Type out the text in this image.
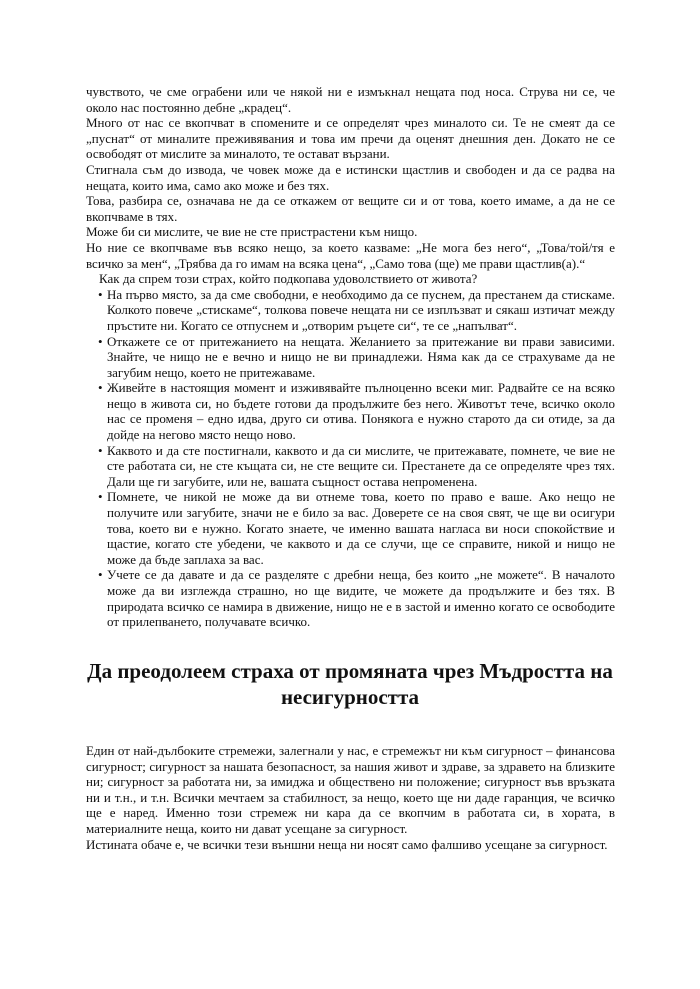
чувството, че сме ограбени или че някой ни е измъкнал нещата под носа. Струва ни се, че около нас постоянно дебне „крадец“.

Много от нас се вкопчват в спомените и се определят чрез миналото си. Те не смеят да се „пуснат“ от миналите преживявания и това им пречи да оценят днешния ден. Докато не се освободят от мислите за миналото, те остават вързани.

Стигнала съм до извода, че човек може да е истински щастлив и свободен и да се радва на нещата, които има, само ако може и без тях.

Това, разбира се, означава не да се откажем от вещите си и от това, което имаме, а да не се вкопчваме в тях.

Може би си мислите, че вие не сте пристрастени към нищо.

Но ние се вкопчваме във всяко нещо, за което казваме: „Не мога без него“, „Това/той/тя е всичко за мен“, „Трябва да го имам на всяка цена“, „Само това (ще) ме прави щастлив(а).“

Как да спрем този страх, който подкопава удоволствието от живота?

• На първо място, за да сме свободни, е необходимо да се пуснем, да престанем да стискаме. Колкото повече „стискаме“, толкова повече нещата ни се изплъзват и сякаш изтичат между пръстите ни. Когато се отпуснем и „отворим ръцете си“, те се „напълват“.
• Откажете се от притежанието на нещата. Желанието за притежание ви прави зависими. Знайте, че нищо не е вечно и нищо не ви принадлежи. Няма как да се страхуваме да не загубим нещо, което не притежаваме.
• Живейте в настоящия момент и изживявайте пълноценно всеки миг. Радвайте се на всяко нещо в живота си, но бъдете готови да продължите без него. Животът тече, всичко около нас се променя – едно идва, друго си отива. Понякога е нужно старото да си отиде, за да дойде на негово място нещо ново.
• Каквото и да сте постигнали, каквото и да си мислите, че притежавате, помнете, че вие не сте работата си, не сте къщата си, не сте вещите си. Престанете да се определяте чрез тях. Дали ще ги загубите, или не, вашата същност остава непроменена.
• Помнете, че никой не може да ви отнеме това, което по право е ваше. Ако нещо не получите или загубите, значи не е било за вас. Доверете се на своя свят, че ще ви осигури това, което ви е нужно. Когато знаете, че именно вашата нагласа ви носи спокойствие и щастие, когато сте убедени, че каквото и да се случи, ще се справите, никой и нищо не може да бъде заплаха за вас.
• Учете се да давате и да се разделяте с дребни неща, без които „не можете“. В началото може да ви изглежда страшно, но ще видите, че можете да продължите и без тях. В природата всичко се намира в движение, нищо не е в застой и именно когато се освободите от прилепването, получавате всичко.
Да преодолеем страха от промяната чрез Мъдростта на
несигурността

Един от най-дълбоките стремежи, залегнали у нас, е стремежът ни към сигурност – финансова сигурност; сигурност за нашата безопасност, за нашия живот и здраве, за здравето на близките ни; сигурност за работата ни, за имиджа и обществено ни положение; сигурност във връзката ни и т.н., и т.н. Всички мечтаем за стабилност, за нещо, което ще ни даде гаранция, че всичко ще е наред. Именно този стремеж ни кара да се вкопчим в работата си, в хората, в материалните неща, които ни дават усещане за сигурност.

Истината обаче е, че всички тези външни неща ни носят само фалшиво усещане за сигурност.
